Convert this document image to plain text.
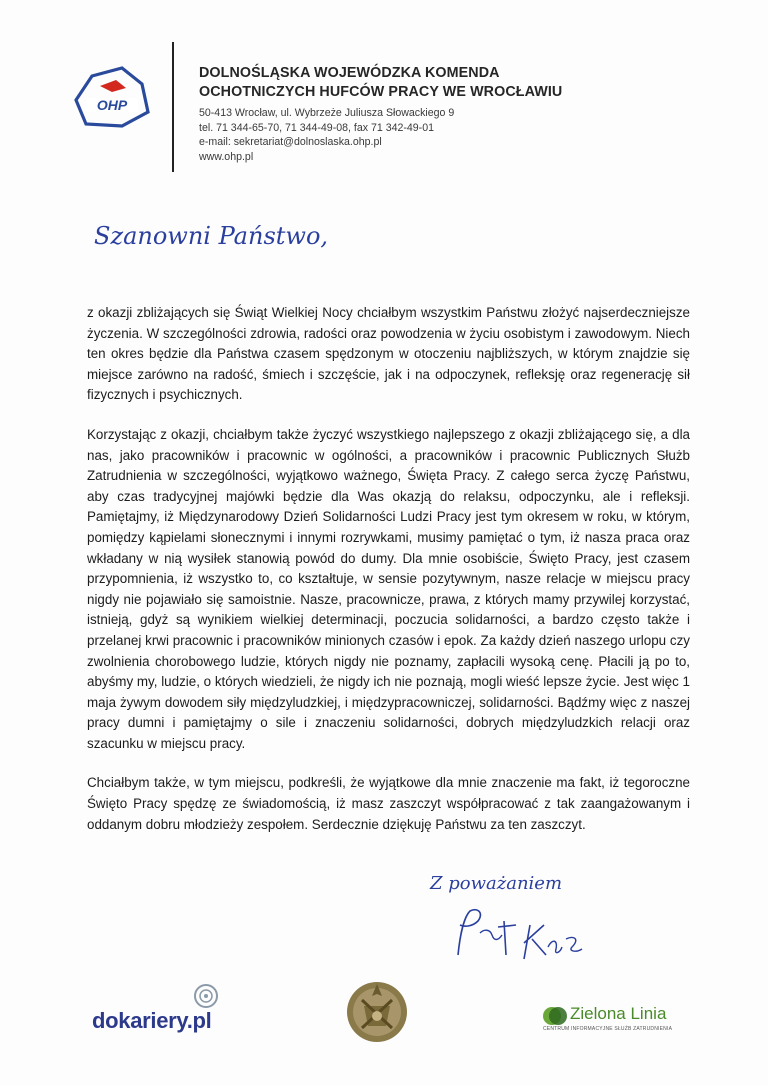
OHP
DOLNOŚLĄSKA WOJEWÓDZKA KOMENDA
OCHOTNICZYCH HUFCÓW PRACY WE WROCŁAWIU
50-413 Wrocław, ul. Wybrzeże Juliusza Słowackiego 9
tel. 71 344-65-70, 71 344-49-08, fax 71 342-49-01
e-mail: sekretariat@dolnoslaska.ohp.pl
www.ohp.pl
Szanowni Państwo,

z okazji zbliżających się Świąt Wielkiej Nocy chciałbym wszystkim Państwu złożyć najserdeczniejsze życzenia. W szczególności zdrowia, radości oraz powodzenia w życiu osobistym i zawodowym. Niech ten okres będzie dla Państwa czasem spędzonym w otoczeniu najbliższych, w którym znajdzie się miejsce zarówno na radość, śmiech i szczęście, jak i na odpoczynek, refleksję oraz regenerację sił fizycznych i psychicznych.

Korzystając z okazji, chciałbym także życzyć wszystkiego najlepszego z okazji zbliżającego się, a dla nas, jako pracowników i pracownic w ogólności, a pracowników i pracownic Publicznych Służb Zatrudnienia w szczególności, wyjątkowo ważnego, Święta Pracy. Z całego serca życzę Państwu, aby czas tradycyjnej majówki będzie dla Was okazją do relaksu, odpoczynku, ale i refleksji. Pamiętajmy, iż Międzynarodowy Dzień Solidarności Ludzi Pracy jest tym okresem w roku, w którym, pomiędzy kąpielami słonecznymi i innymi rozrywkami, musimy pamiętać o tym, iż nasza praca oraz wkładany w nią wysiłek stanowią powód do dumy. Dla mnie osobiście, Święto Pracy, jest czasem przypomnienia, iż wszystko to, co kształtuje, w sensie pozytywnym, nasze relacje w miejscu pracy nigdy nie pojawiało się samoistnie. Nasze, pracownicze, prawa, z których mamy przywilej korzystać, istnieją, gdyż są wynikiem wielkiej determinacji, poczucia solidarności, a bardzo często także i przelanej krwi pracownic i pracowników minionych czasów i epok. Za każdy dzień naszego urlopu czy zwolnienia chorobowego ludzie, których nigdy nie poznamy, zapłacili wysoką cenę. Płacili ją po to, abyśmy my, ludzie, o których wiedzieli, że nigdy ich nie poznają, mogli wieść lepsze życie. Jest więc 1 maja żywym dowodem siły międzyludzkiej, i międzypracowniczej, solidarności. Bądźmy więc z naszej pracy dumni i pamiętajmy o sile i znaczeniu solidarności, dobrych międzyludzkich relacji oraz szacunku w miejscu pracy.

Chciałbym także, w tym miejscu, podkreśli, że wyjątkowe dla mnie znaczenie ma fakt, iż tegoroczne Święto Pracy spędzę ze świadomością, iż masz zaszczyt współpracować z tak zaangażowanym i oddanym dobru młodzieży zespołem. Serdecznie dziękuję Państwu za ten zaszczyt.

Z poważaniem
dokariery.pl	Zielona Linia
CENTRUM INFORMACYJNE SŁUŻB ZATRUDNIENIA
